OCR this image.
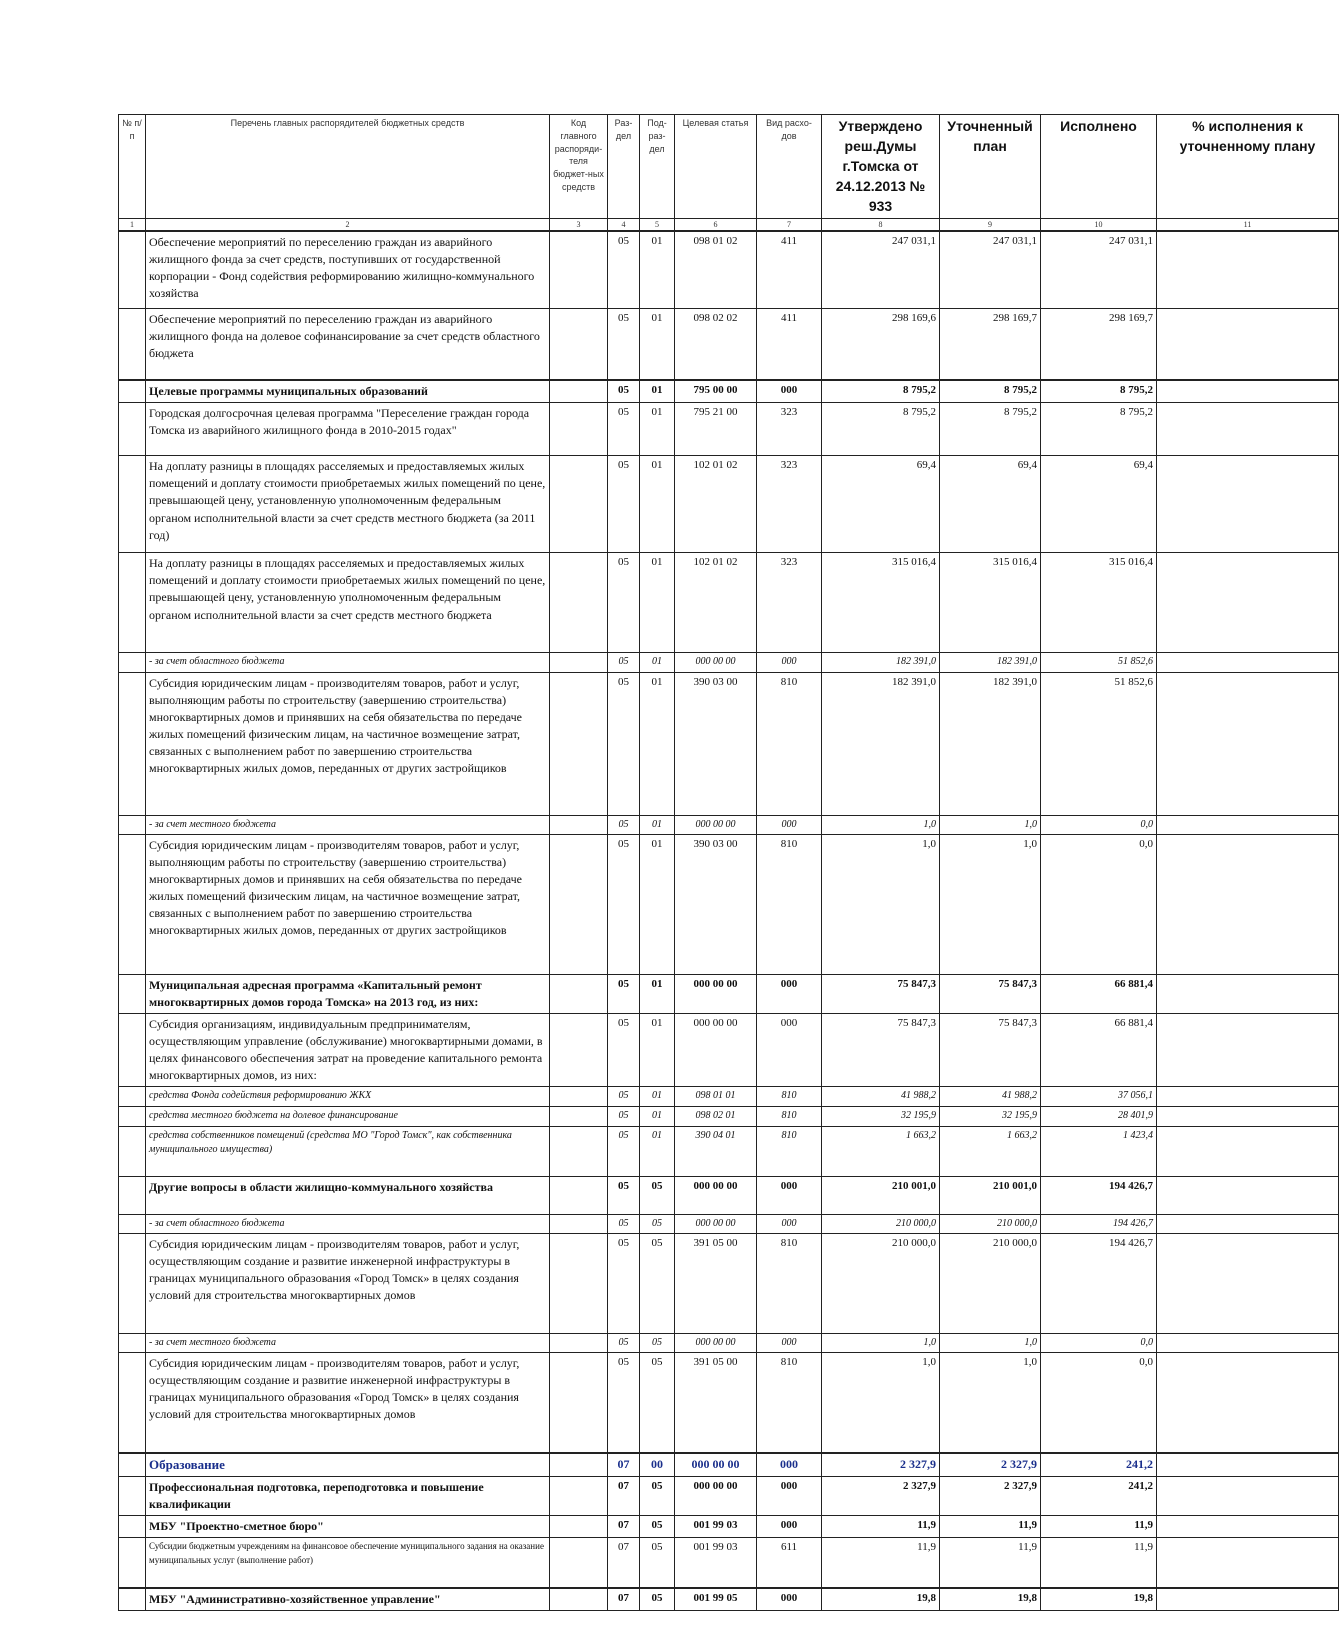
№ п/п	Перечень главных распорядителей бюджетных средств	Код главного распоряди-теля бюджет-ных средств	Раз-дел	Под-раз-дел	Целевая статья	Вид расхо-дов	Утверждено реш.Думы г.Томска от 24.12.2013 № 933	Уточненный план	Исполнено	% исполнения к уточненному плану
1	2	3	4	5	6	7	8	9	10	11
	Обеспечение мероприятий по переселению граждан из аварийного жилищного фонда за счет средств, поступивших от государственной корпорации - Фонд содействия реформированию жилищно-коммунального хозяйства		05	01	098 01 02	411	247 031,1	247 031,1	247 031,1	
	Обеспечение мероприятий по переселению граждан из аварийного жилищного фонда на долевое софинансирование за счет средств областного бюджета		05	01	098 02 02	411	298 169,6	298 169,7	298 169,7	
	Целевые программы муниципальных образований		05	01	795 00 00	000	8 795,2	8 795,2	8 795,2	
	Городская долгосрочная целевая программа "Переселение граждан города Томска из аварийного жилищного фонда в 2010-2015 годах"		05	01	795 21 00	323	8 795,2	8 795,2	8 795,2	
	На доплату разницы в площадях расселяемых и предоставляемых жилых помещений и доплату стоимости приобретаемых жилых помещений по цене, превышающей цену, установленную уполномоченным федеральным органом исполнительной власти за счет средств местного бюджета (за 2011 год)		05	01	102 01 02	323	69,4	69,4	69,4	
	На доплату разницы в площадях расселяемых и предоставляемых жилых помещений и доплату стоимости приобретаемых жилых помещений по цене, превышающей цену, установленную уполномоченным федеральным органом исполнительной власти за счет средств местного бюджета		05	01	102 01 02	323	315 016,4	315 016,4	315 016,4	
	- за счет областного бюджета		05	01	000 00 00	000	182 391,0	182 391,0	51 852,6	
	Субсидия юридическим лицам - производителям товаров, работ и услуг, выполняющим работы по строительству (завершению строительства) многоквартирных домов и принявших на себя обязательства по передаче жилых помещений физическим лицам, на частичное возмещение затрат, связанных с выполнением работ по завершению строительства многоквартирных жилых домов, переданных от других застройщиков		05	01	390 03 00	810	182 391,0	182 391,0	51 852,6	
	- за счет местного бюджета		05	01	000 00 00	000	1,0	1,0	0,0	
	Субсидия юридическим лицам - производителям товаров, работ и услуг, выполняющим работы по строительству (завершению строительства) многоквартирных домов и принявших на себя обязательства по передаче жилых помещений физическим лицам, на частичное возмещение затрат, связанных с выполнением работ по завершению строительства многоквартирных жилых домов, переданных от других застройщиков		05	01	390 03 00	810	1,0	1,0	0,0	
	Муниципальная адресная программа «Капитальный ремонт многоквартирных домов города Томска» на 2013 год, из них:		05	01	000 00 00	000	75 847,3	75 847,3	66 881,4	
	Субсидия организациям, индивидуальным предпринимателям, осуществляющим управление (обслуживание) многоквартирными домами, в целях финансового обеспечения затрат на проведение капитального ремонта многоквартирных домов, из них:		05	01	000 00 00	000	75 847,3	75 847,3	66 881,4	
	средства Фонда содействия реформированию ЖКХ		05	01	098 01 01	810	41 988,2	41 988,2	37 056,1	
	средства местного бюджета на долевое финансирование		05	01	098 02 01	810	32 195,9	32 195,9	28 401,9	
	средства собственников помещений (средства МО "Город Томск", как собственника муниципального имущества)		05	01	390 04 01	810	1 663,2	1 663,2	1 423,4	
	Другие вопросы в области жилищно-коммунального хозяйства		05	05	000 00 00	000	210 001,0	210 001,0	194 426,7	
	- за счет областного бюджета		05	05	000 00 00	000	210 000,0	210 000,0	194 426,7	
	Субсидия юридическим лицам - производителям товаров, работ и услуг, осуществляющим создание и развитие инженерной инфраструктуры в границах муниципального образования «Город Томск» в целях создания условий для строительства многоквартирных домов		05	05	391 05 00	810	210 000,0	210 000,0	194 426,7	
	- за счет местного бюджета		05	05	000 00 00	000	1,0	1,0	0,0	
	Субсидия юридическим лицам - производителям товаров, работ и услуг, осуществляющим создание и развитие инженерной инфраструктуры в границах муниципального образования «Город Томск» в целях создания условий для строительства многоквартирных домов		05	05	391 05 00	810	1,0	1,0	0,0	
	Образование		07	00	000 00 00	000	2 327,9	2 327,9	241,2	
	Профессиональная подготовка, переподготовка и повышение квалификации		07	05	000 00 00	000	2 327,9	2 327,9	241,2	
	МБУ "Проектно-сметное бюро"		07	05	001 99 03	000	11,9	11,9	11,9	
	Субсидии бюджетным учреждениям на финансовое обеспечение муниципального задания на оказание муниципальных услуг (выполнение работ)		07	05	001 99 03	611	11,9	11,9	11,9	
	МБУ "Административно-хозяйственное управление"		07	05	001 99 05	000	19,8	19,8	19,8	
